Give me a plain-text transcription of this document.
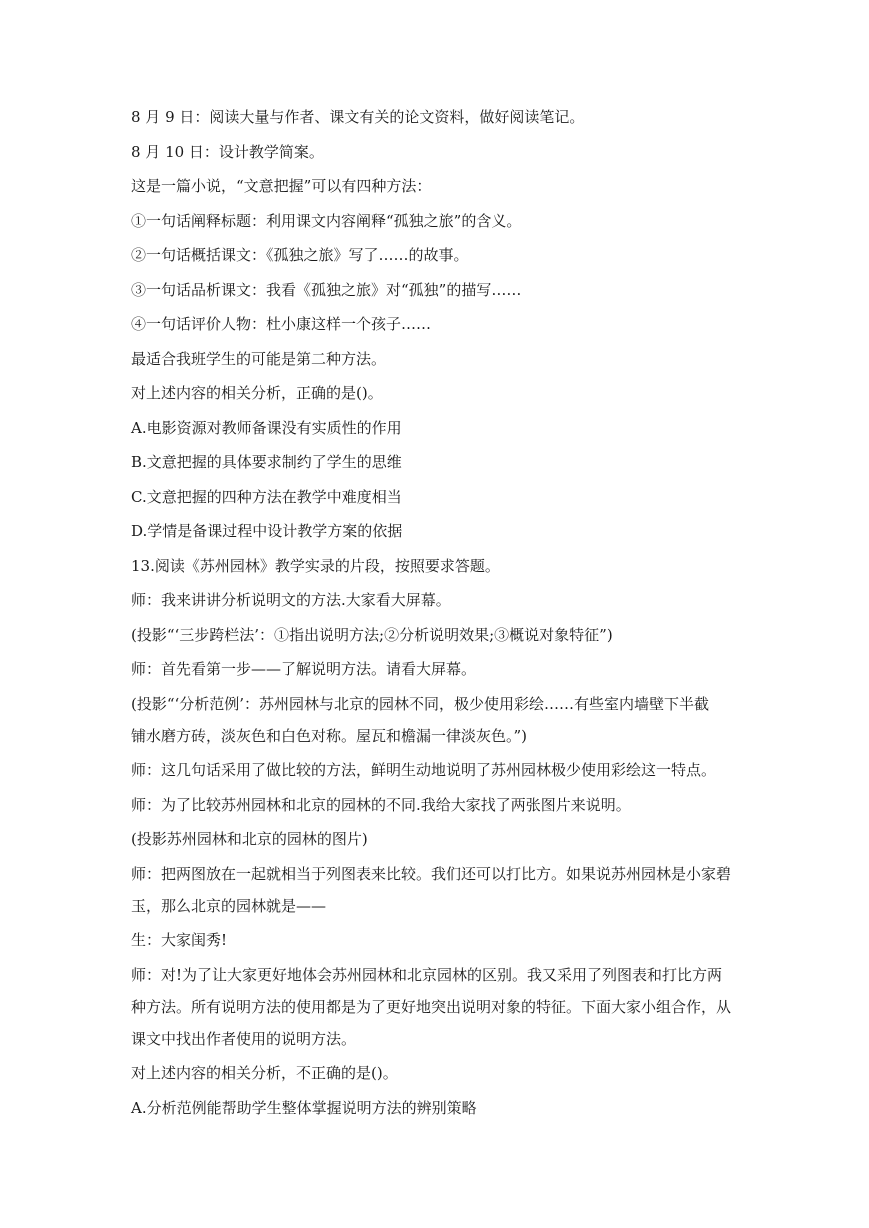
8 月 9 日：阅读大量与作者、课文有关的论文资料，做好阅读笔记。
8 月 10 日：设计教学简案。
这是一篇小说，“文意把握”可以有四种方法：
①一句话阐释标题：利用课文内容阐释“孤独之旅”的含义。
②一句话概括课文：《孤独之旅》写了……的故事。
③一句话品析课文：我看《孤独之旅》对“孤独”的描写……
④一句话评价人物：杜小康这样一个孩子……
最适合我班学生的可能是第二种方法。
对上述内容的相关分析，正确的是()。
A.电影资源对教师备课没有实质性的作用
B.文意把握的具体要求制约了学生的思维
C.文意把握的四种方法在教学中难度相当
D.学情是备课过程中设计教学方案的依据
13.阅读《苏州园林》教学实录的片段，按照要求答题。
师：我来讲讲分析说明文的方法.大家看大屏幕。
(投影“‘三步跨栏法’：①指出说明方法;②分析说明效果;③概说对象特征”)
师：首先看第一步——了解说明方法。请看大屏幕。
(投影“‘分析范例’：苏州园林与北京的园林不同，极少使用彩绘……有些室内墙壁下半截
铺水磨方砖，淡灰色和白色对称。屋瓦和檐漏一律淡灰色。”)
师：这几句话采用了做比较的方法，鲜明生动地说明了苏州园林极少使用彩绘这一特点。
师：为了比较苏州园林和北京的园林的不同.我给大家找了两张图片来说明。
(投影苏州园林和北京的园林的图片)
师：把两图放在一起就相当于列图表来比较。我们还可以打比方。如果说苏州园林是小家碧
玉，那么北京的园林就是——
生：大家闺秀!
师：对!为了让大家更好地体会苏州园林和北京园林的区别。我又采用了列图表和打比方两
种方法。所有说明方法的使用都是为了更好地突出说明对象的特征。下面大家小组合作，从
课文中找出作者使用的说明方法。
对上述内容的相关分析，不正确的是()。
A.分析范例能帮助学生整体掌握说明方法的辨别策略
